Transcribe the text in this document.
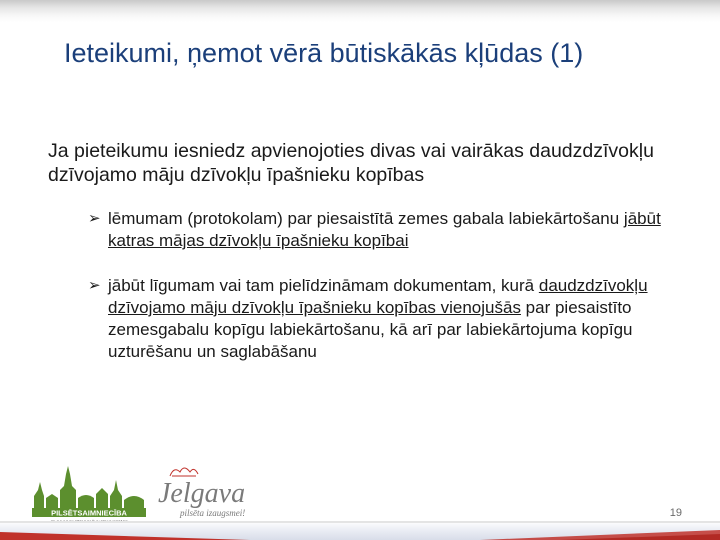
Ieteikumi, ņemot vērā būtiskākās kļūdas (1)
Ja pieteikumu iesniedz apvienojoties divas vai vairākas daudzdzīvokļu dzīvojamo māju dzīvokļu īpašnieku kopības
➢ lēmumam (protokolam) par piesaistītā zemes gabala labiekārtošanu jābūt katras mājas dzīvokļu īpašnieku kopībai
➢ jābūt līgumam vai tam pielīdzināmam dokumentam, kurā daudzdzīvokļu dzīvojamo māju dzīvokļu īpašnieku kopības vienojušās par piesaistīto zemesgabalu kopīgu labiekārtošanu, kā arī par labiekārtojuma kopīgu uzturēšanu un saglabāšanu
PILSĒTSAIMNIECĪBA
Jelgava
pilsēta izaugsmei!	19
